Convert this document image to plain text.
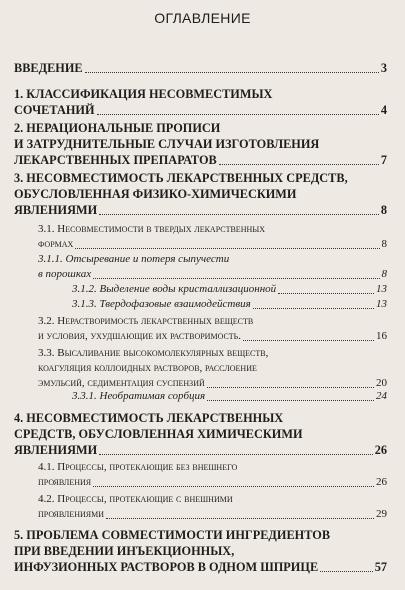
ОГЛАВЛЕНИЕ
ВВЕДЕНИЕ	3
1. КЛАССИФИКАЦИЯ НЕСОВМЕСТИМЫХ
СОЧЕТАНИЙ	4
2. НЕРАЦИОНАЛЬНЫЕ ПРОПИСИ
И ЗАТРУДНИТЕЛЬНЫЕ СЛУЧАИ ИЗГОТОВЛЕНИЯ
ЛЕКАРСТВЕННЫХ ПРЕПАРАТОВ	7
3. НЕСОВМЕСТИМОСТЬ ЛЕКАРСТВЕННЫХ СРЕДСТВ,
ОБУСЛОВЛЕННАЯ ФИЗИКО-ХИМИЧЕСКИМИ
ЯВЛЕНИЯМИ	8
3.1. Несовместимости в твердых лекарственных
формах	8
3.1.1. Отсыревание и потеря сыпучести
в порошках	8
3.1.2. Выделение воды кристаллизационной	13
3.1.3. Твердофазовые взаимодействия	13
3.2. Нерастворимость лекарственных веществ
и условия, ухудшающие их растворимость.	16
3.3. Высаливание высокомолекулярных веществ,
коагуляция коллоидных растворов, расслоение
эмульсий, седиментация суспензий	20
3.3.1. Необратимая сорбция	24
4. НЕСОВМЕСТИМОСТЬ ЛЕКАРСТВЕННЫХ
СРЕДСТВ, ОБУСЛОВЛЕННАЯ ХИМИЧЕСКИМИ
ЯВЛЕНИЯМИ	26
4.1. Процессы, протекающие без внешнего
проявления	26
4.2. Процессы, протекающие с внешними
проявлениями	29
5. ПРОБЛЕМА СОВМЕСТИМОСТИ ИНГРЕДИЕНТОВ
ПРИ ВВЕДЕНИИ ИНЪЕКЦИОННЫХ,
ИНФУЗИОННЫХ РАСТВОРОВ В ОДНОМ ШПРИЦЕ	57
